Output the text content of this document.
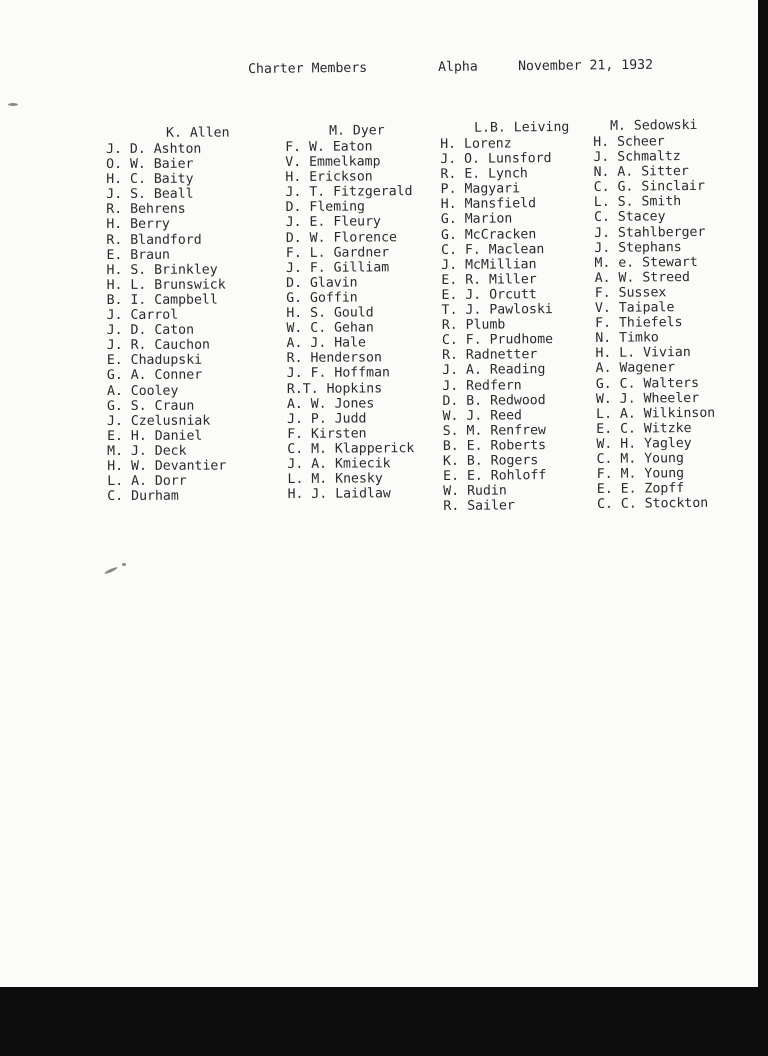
Charter Members

	Alpha

	November 21, 1932

K. Allen
J. D. Ashton
O. W. Baier
H. C. Baity
J. S. Beall
R. Behrens
H. Berry
R. Blandford
E. Braun
H. S. Brinkley
H. L. Brunswick
B. I. Campbell
J. Carrol
J. D. Caton
J. R. Cauchon
E. Chadupski
G. A. Conner
A. Cooley
G. S. Craun
J. Czelusniak
E. H. Daniel
M. J. Deck
H. W. Devantier
L. A. Dorr
C. Durham
M. Dyer
F. W. Eaton
V. Emmelkamp
H. Erickson
J. T. Fitzgerald
D. Fleming
J. E. Fleury
D. W. Florence
F. L. Gardner
J. F. Gilliam
D. Glavin
G. Goffin
H. S. Gould
W. C. Gehan
A. J. Hale
R. Henderson
J. F. Hoffman
R.T. Hopkins
A. W. Jones
J. P. Judd
F. Kirsten
C. M. Klapperick
J. A. Kmiecik
L. M. Knesky
H. J. Laidlaw
L.B. Leiving
H. Lorenz
J. O. Lunsford
R. E. Lynch
P. Magyari
H. Mansfield
G. Marion
G. McCracken
C. F. Maclean
J. McMillian
E. R. Miller
E. J. Orcutt
T. J. Pawloski
R. Plumb
C. F. Prudhome
R. Radnetter
J. A. Reading
J. Redfern
D. B. Redwood
W. J. Reed
S. M. Renfrew
B. E. Roberts
K. B. Rogers
E. E. Rohloff
W. Rudin
R. Sailer
M. Sedowski
H. Scheer
J. Schmaltz
N. A. Sitter
C. G. Sinclair
L. S. Smith
C. Stacey
J. Stahlberger
J. Stephans
M. e. Stewart
A. W. Streed
F. Sussex
V. Taipale
F. Thiefels
N. Timko
H. L. Vivian
A. Wagener
G. C. Walters
W. J. Wheeler
L. A. Wilkinson
E. C. Witzke
W. H. Yagley
C. M. Young
F. M. Young
E. E. Zopff
C. C. Stockton
